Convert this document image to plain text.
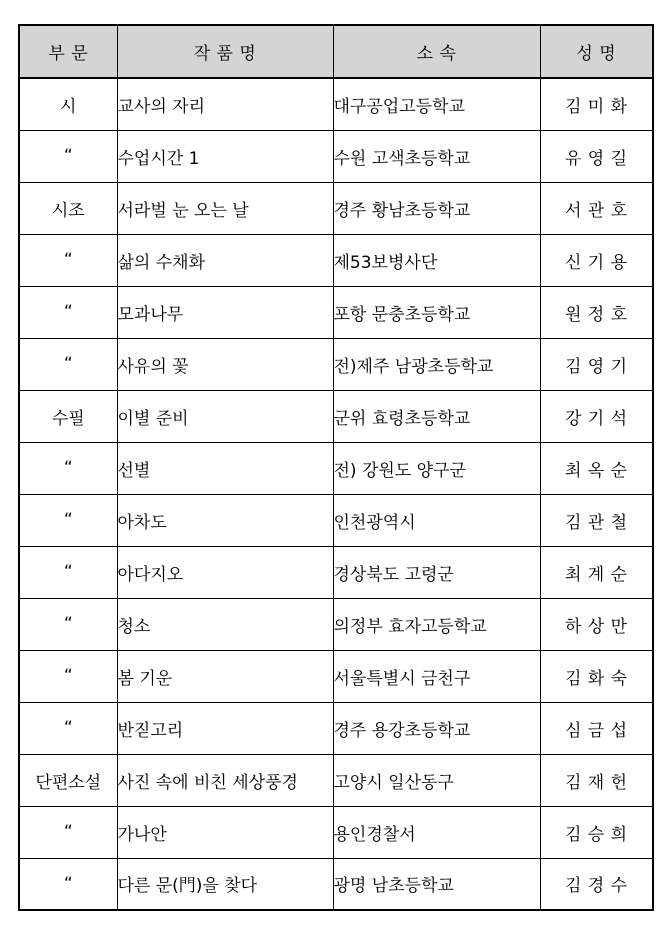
부 문	작 품 명	소 속	성 명
시	교사의 자리	대구공업고등학교	김 미 화
“	수업시간 1	수원 고색초등학교	유 영 길
시조	서라벌 눈 오는 날	경주 황남초등학교	서 관 호
“	삶의 수채화	제53보병사단	신 기 용
“	모과나무	포항 문충초등학교	원 정 호
“	사유의 꽃	전)제주 남광초등학교	김 영 기
수필	이별 준비	군위 효령초등학교	강 기 석
“	선별	전) 강원도 양구군	최 옥 순
“	아차도	인천광역시	김 관 철
“	아다지오	경상북도 고령군	최 계 순
“	청소	의정부 효자고등학교	하 상 만
“	봄 기운	서울특별시 금천구	김 화 숙
“	반짇고리	경주 용강초등학교	심 금 섭
단편소설	사진 속에 비친 세상풍경	고양시 일산동구	김 재 헌
“	가나안	용인경찰서	김 승 희
“	다른 문(門)을 찾다	광명 남초등학교	김 경 수
